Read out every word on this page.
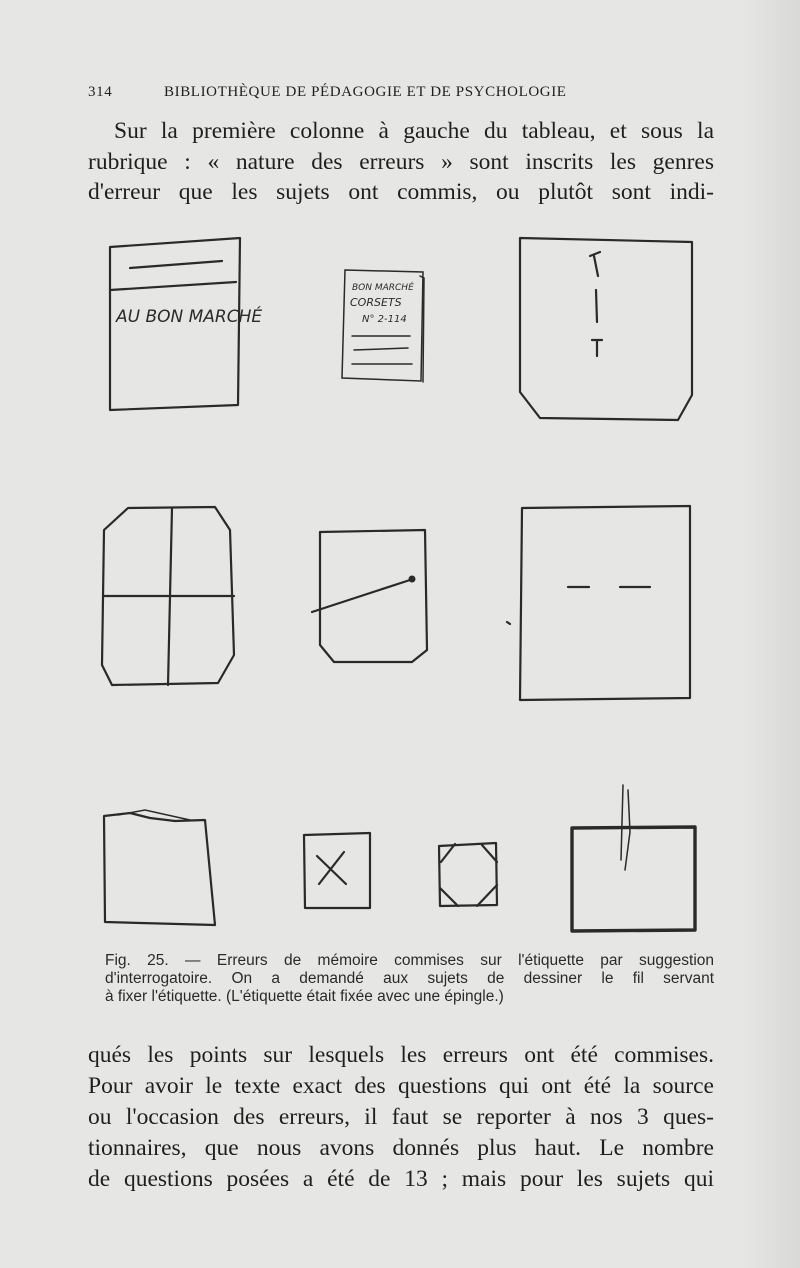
314	BIBLIOTHÈQUE DE PÉDAGOGIE ET DE PSYCHOLOGIE
Sur la première colonne à gauche du tableau, et sous la
rubrique : « nature des erreurs » sont inscrits les genres
d'erreur que les sujets ont commis, ou plutôt sont indi-
AU BON MARCHÉ
BON MARCHÉ
CORSETS
N° 2-114
Fig. 25. — Erreurs de mémoire commises sur l'étiquette par suggestion
d'interrogatoire. On a demandé aux sujets de dessiner le fil servant
à fixer l'étiquette. (L'étiquette était fixée avec une épingle.)
qués les points sur lesquels les erreurs ont été commises.
Pour avoir le texte exact des questions qui ont été la source
ou l'occasion des erreurs, il faut se reporter à nos 3 ques-
tionnaires, que nous avons donnés plus haut. Le nombre
de questions posées a été de 13 ; mais pour les sujets qui
